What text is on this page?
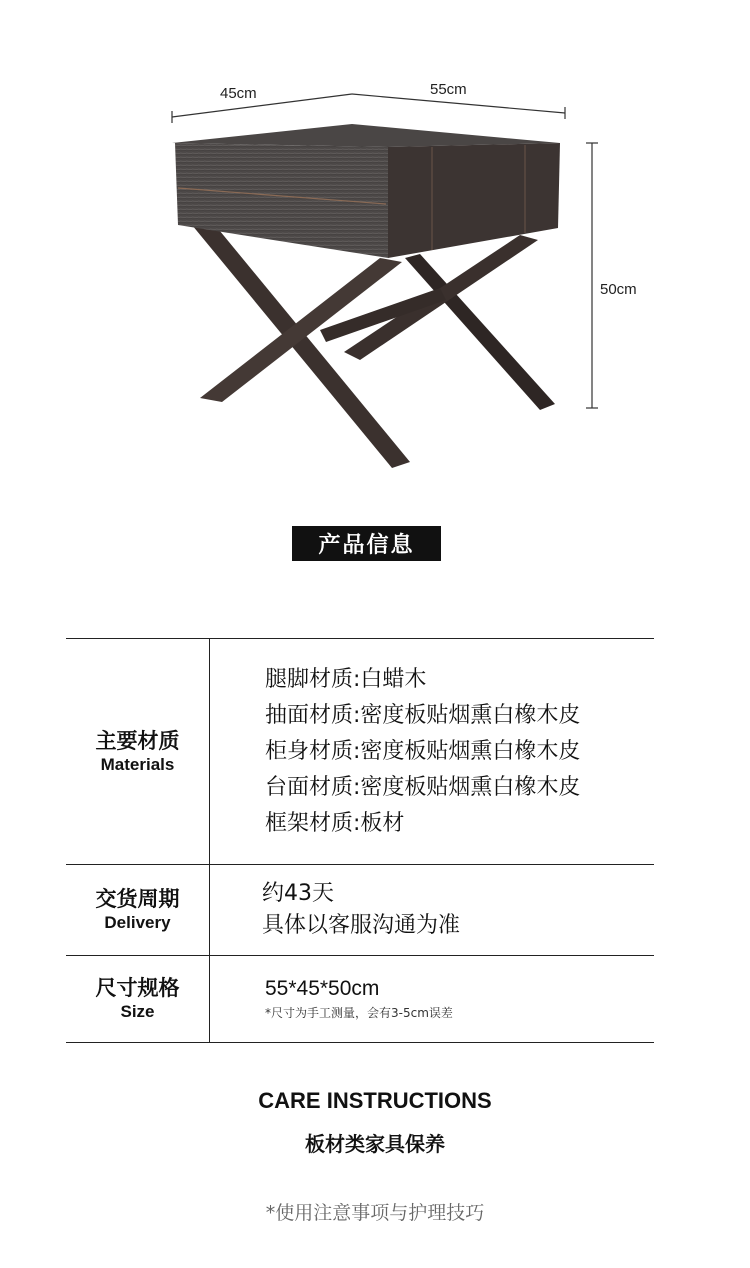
45cm	55cm
50cm
产品信息
主要材质
Materials
腿脚材质:白蜡木
抽面材质:密度板贴烟熏白橡木皮
柜身材质:密度板贴烟熏白橡木皮
台面材质:密度板贴烟熏白橡木皮
框架材质:板材
交货周期
Delivery
约43天
具体以客服沟通为准
尺寸规格
Size
55*45*50cm
*尺寸为手工测量，会有3-5cm误差
CARE INSTRUCTIONS
板材类家具保养
*使用注意事项与护理技巧
